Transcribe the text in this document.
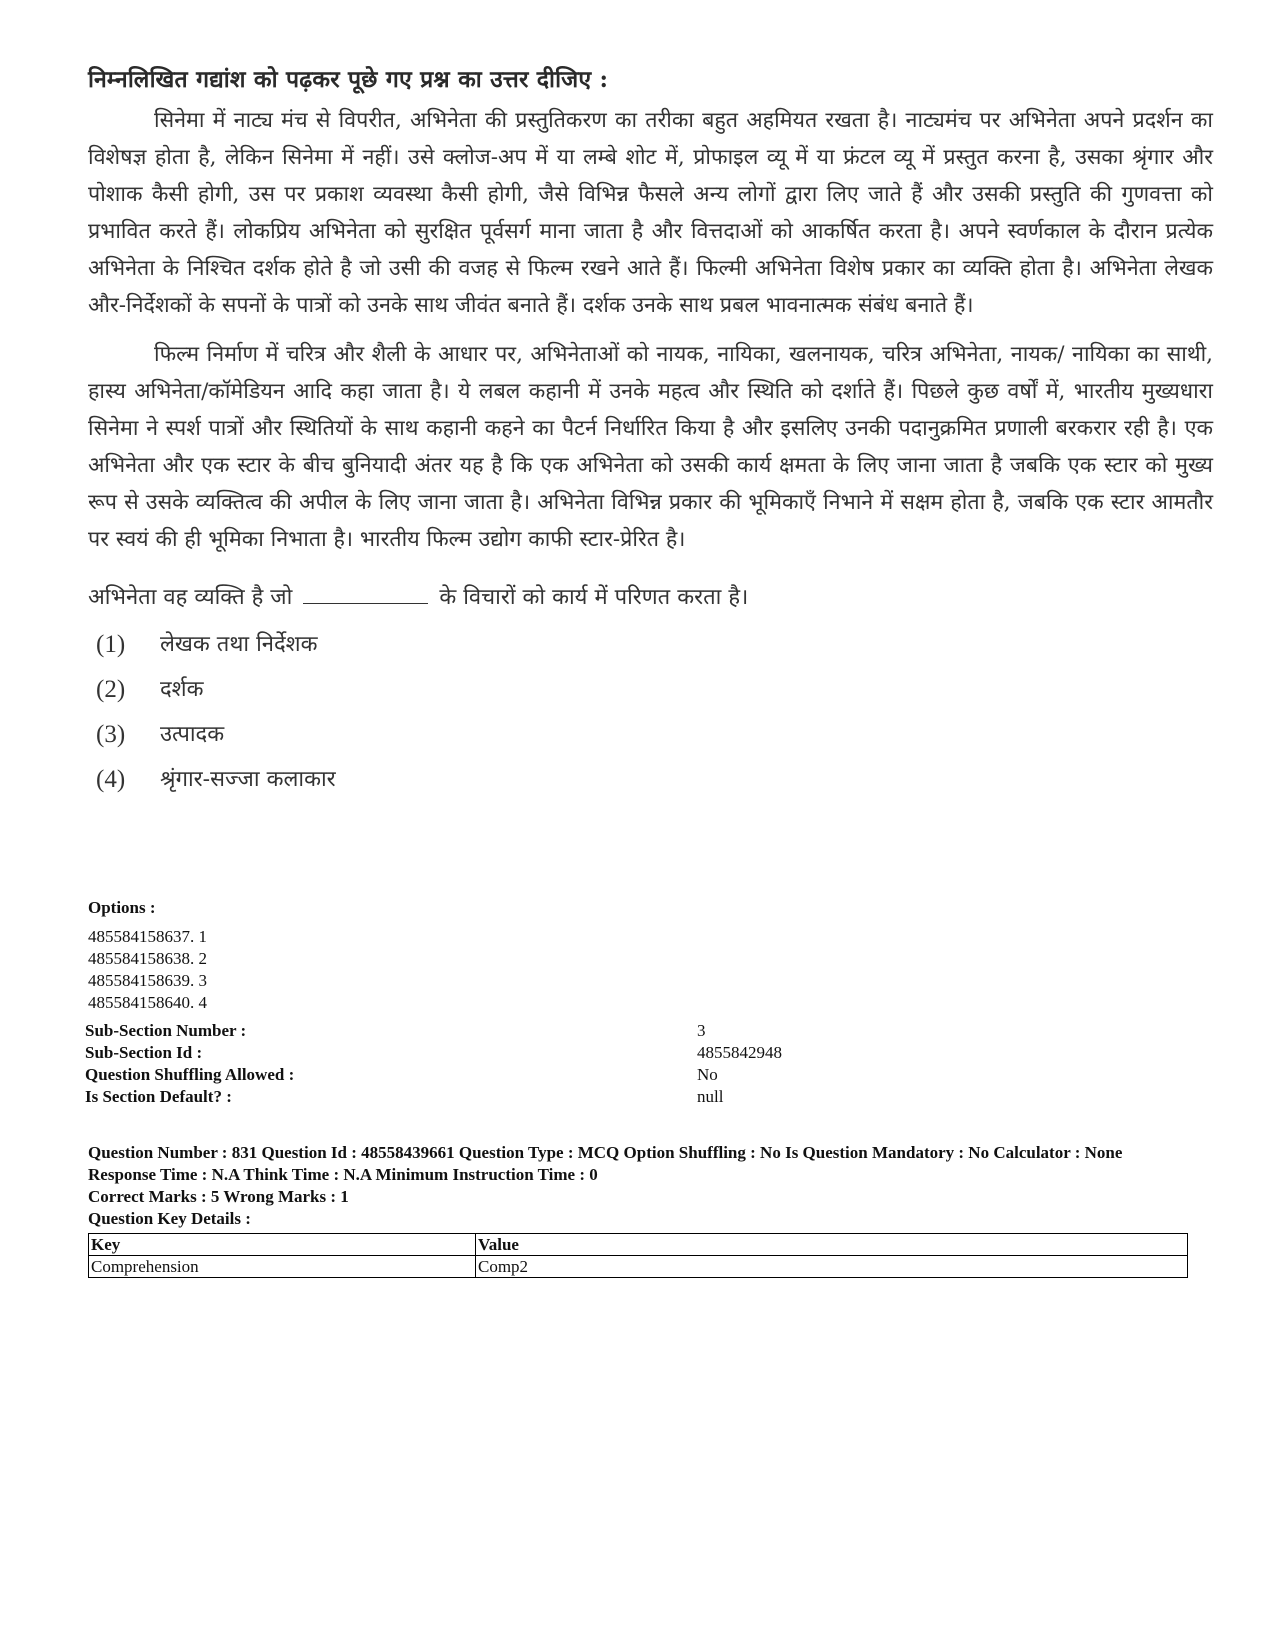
निम्नलिखित गद्यांश को पढ़कर पूछे गए प्रश्न का उत्तर दीजिए :

सिनेमा में नाट्य मंच से विपरीत, अभिनेता की प्रस्तुतिकरण का तरीका बहुत अहमियत रखता है। नाट्यमंच पर अभिनेता अपने प्रदर्शन का विशेषज्ञ होता है, लेकिन सिनेमा में नहीं। उसे क्लोज-अप में या लम्बे शोट में, प्रोफाइल व्यू में या फ्रंटल व्यू में प्रस्तुत करना है, उसका श्रृंगार और पोशाक कैसी होगी, उस पर प्रकाश व्यवस्था कैसी होगी, जैसे विभिन्न फैसले अन्य लोगों द्वारा लिए जाते हैं और उसकी प्रस्तुति की गुणवत्ता को प्रभावित करते हैं। लोकप्रिय अभिनेता को सुरक्षित पूर्वसर्ग माना जाता है और वित्तदाओं को आकर्षित करता है। अपने स्वर्णकाल के दौरान प्रत्येक अभिनेता के निश्चित दर्शक होते है जो उसी की वजह से फिल्म रखने आते हैं। फिल्मी अभिनेता विशेष प्रकार का व्यक्ति होता है। अभिनेता लेखक और-निर्देशकों के सपनों के पात्रों को उनके साथ जीवंत बनाते हैं। दर्शक उनके साथ प्रबल भावनात्मक संबंध बनाते हैं।

फिल्म निर्माण में चरित्र और शैली के आधार पर, अभिनेताओं को नायक, नायिका, खलनायक, चरित्र अभिनेता, नायक/ नायिका का साथी, हास्य अभिनेता/कॉमेडियन आदि कहा जाता है। ये लबल कहानी में उनके महत्व और स्थिति को दर्शाते हैं। पिछले कुछ वर्षों में, भारतीय मुख्यधारा सिनेमा ने स्पर्श पात्रों और स्थितियों के साथ कहानी कहने का पैटर्न निर्धारित किया है और इसलिए उनकी पदानुक्रमित प्रणाली बरकरार रही है। एक अभिनेता और एक स्टार के बीच बुनियादी अंतर यह है कि एक अभिनेता को उसकी कार्य क्षमता के लिए जाना जाता है जबकि एक स्टार को मुख्य रूप से उसके व्यक्तित्व की अपील के लिए जाना जाता है। अभिनेता विभिन्न प्रकार की भूमिकाएँ निभाने में सक्षम होता है, जबकि एक स्टार आमतौर पर स्वयं की ही भूमिका निभाता है। भारतीय फिल्म उद्योग काफी स्टार-प्रेरित है।

अभिनेता वह व्यक्ति है जो	के विचारों को कार्य में परिणत करता है।
(1)	लेखक तथा निर्देशक
(2)	दर्शक
(3)	उत्पादक
(4)	श्रृंगार-सज्जा कलाकार
Options :
485584158637. 1
485584158638. 2
485584158639. 3
485584158640. 4
Sub-Section Number :	3
Sub-Section Id :	4855842948
Question Shuffling Allowed :	No
Is Section Default? :	null
Question Number : 831 Question Id : 48558439661 Question Type : MCQ Option Shuffling : No Is Question Mandatory : No Calculator : None
Response Time : N.A Think Time : N.A Minimum Instruction Time : 0
Correct Marks : 5 Wrong Marks : 1
Question Key Details :
Key	Value
Comprehension	Comp2
